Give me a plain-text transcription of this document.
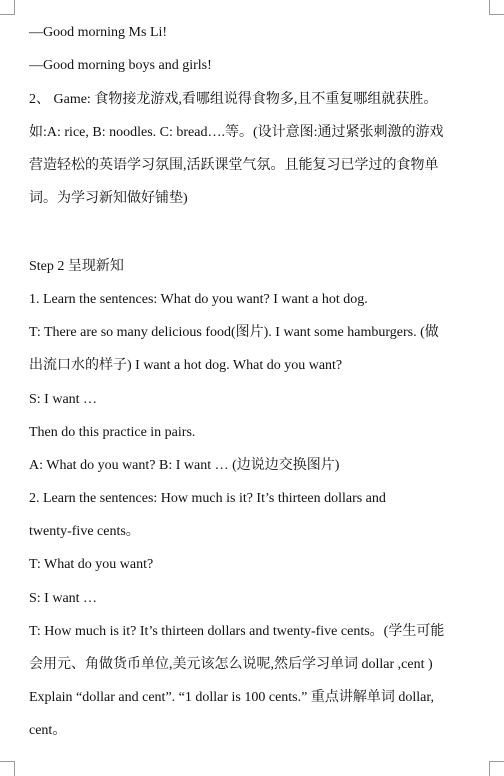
—Good morning Ms Li!
—Good morning boys and girls!
2、 Game: 食物接龙游戏,看哪组说得食物多,且不重复哪组就获胜。
如:A: rice, B: noodles. C: bread….等。(设计意图:通过紧张刺激的游戏
营造轻松的英语学习氛围,活跃课堂气氛。且能复习已学过的食物单
词。为学习新知做好铺垫)
Step 2 呈现新知
1. Learn the sentences: What do you want? I want a hot dog.
T: There are so many delicious food(图片). I want some hamburgers. (做
出流口水的样子) I want a hot dog. What do you want?
S: I want …
Then do this practice in pairs.
A: What do you want? B: I want … (边说边交换图片)
2. Learn the sentences: How much is it? It’s thirteen dollars and
twenty-five cents。
T: What do you want?
S: I want …
T: How much is it? It’s thirteen dollars and twenty-five cents。(学生可能
会用元、角做货币单位,美元该怎么说呢,然后学习单词 dollar ,cent )
Explain “dollar and cent”. “1 dollar is 100 cents.” 重点讲解单词 dollar,
cent。
